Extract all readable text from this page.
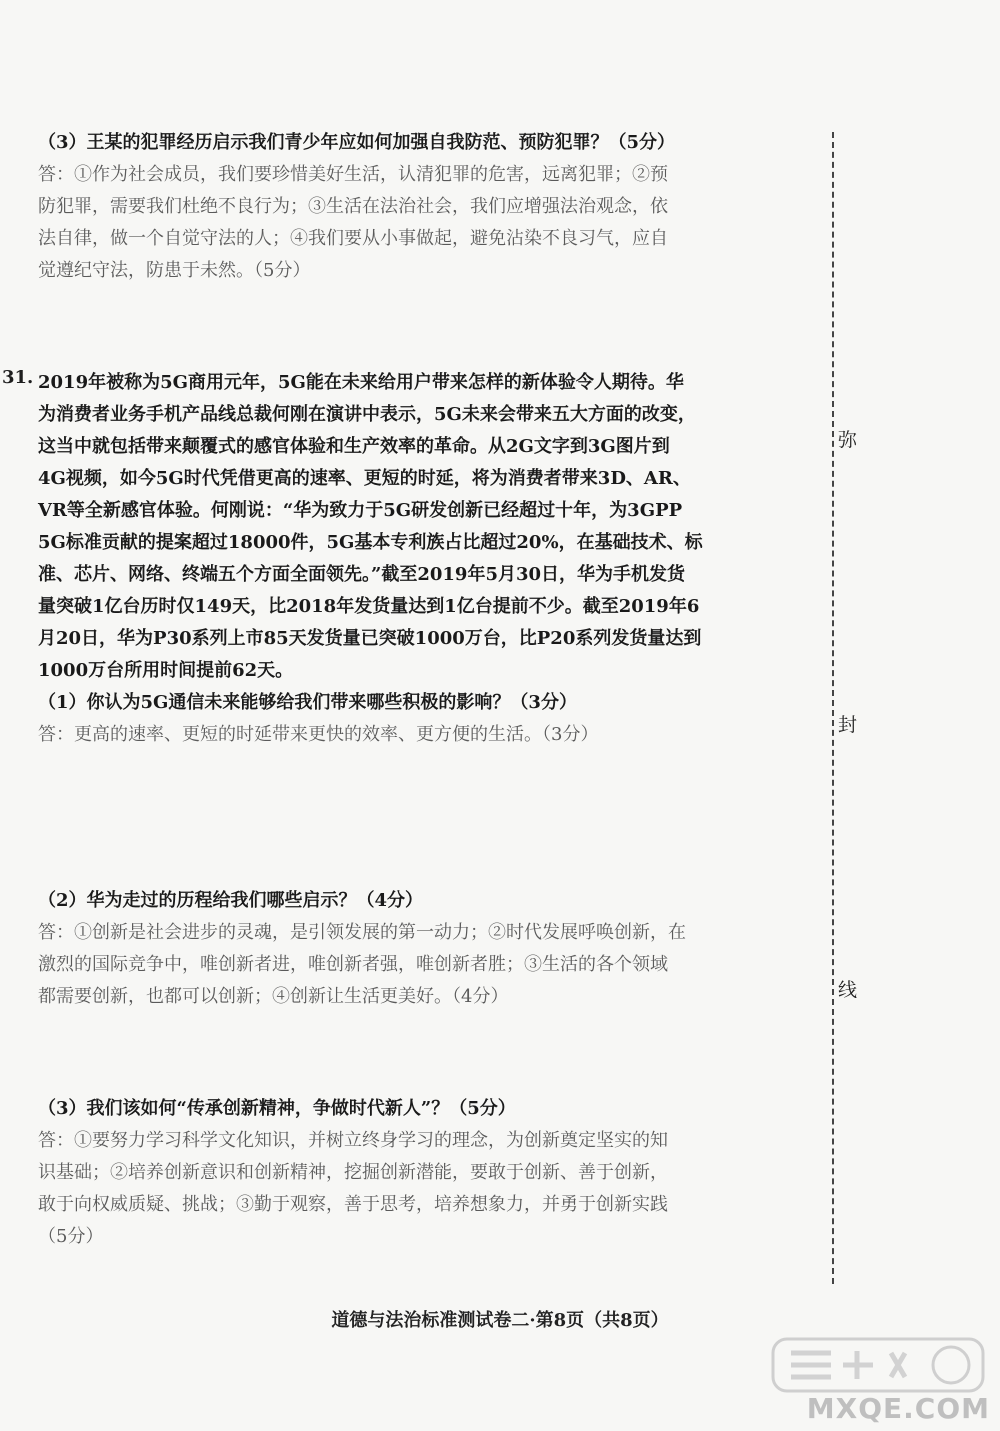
（3）王某的犯罪经历启示我们青少年应如何加强自我防范、预防犯罪？（5分）
答：①作为社会成员，我们要珍惜美好生活，认清犯罪的危害，远离犯罪；②预
防犯罪，需要我们杜绝不良行为；③生活在法治社会，我们应增强法治观念，依
法自律，做一个自觉守法的人；④我们要从小事做起，避免沾染不良习气，应自
觉遵纪守法，防患于未然。（5分）
31. 2019年被称为5G商用元年，5G能在未来给用户带来怎样的新体验令人期待。华
为消费者业务手机产品线总裁何刚在演讲中表示，5G未来会带来五大方面的改变，
这当中就包括带来颠覆式的感官体验和生产效率的革命。从2G文字到3G图片到
4G视频，如今5G时代凭借更高的速率、更短的时延，将为消费者带来3D、AR、
VR等全新感官体验。何刚说：“华为致力于5G研发创新已经超过十年，为3GPP
5G标准贡献的提案超过18000件，5G基本专利族占比超过20%，在基础技术、标
准、芯片、网络、终端五个方面全面领先。”截至2019年5月30日，华为手机发货
量突破1亿台历时仅149天，比2018年发货量达到1亿台提前不少。截至2019年6
月20日，华为P30系列上市85天发货量已突破1000万台，比P20系列发货量达到
1000万台所用时间提前62天。
（1）你认为5G通信未来能够给我们带来哪些积极的影响？（3分）
答：更高的速率、更短的时延带来更快的效率、更方便的生活。（3分）
（2）华为走过的历程给我们哪些启示？（4分）
答：①创新是社会进步的灵魂，是引领发展的第一动力；②时代发展呼唤创新，在
激烈的国际竞争中，唯创新者进，唯创新者强，唯创新者胜；③生活的各个领域
都需要创新，也都可以创新；④创新让生活更美好。（4分）
（3）我们该如何“传承创新精神，争做时代新人”？（5分）
答：①要努力学习科学文化知识，并树立终身学习的理念，为创新奠定坚实的知
识基础；②培养创新意识和创新精神，挖掘创新潜能，要敢于创新、善于创新，
敢于向权威质疑、挑战；③勤于观察，善于思考，培养想象力，并勇于创新实践
（5分）
弥
封
线
道德与法治标准测试卷二·第8页（共8页）
MXQE.COM
